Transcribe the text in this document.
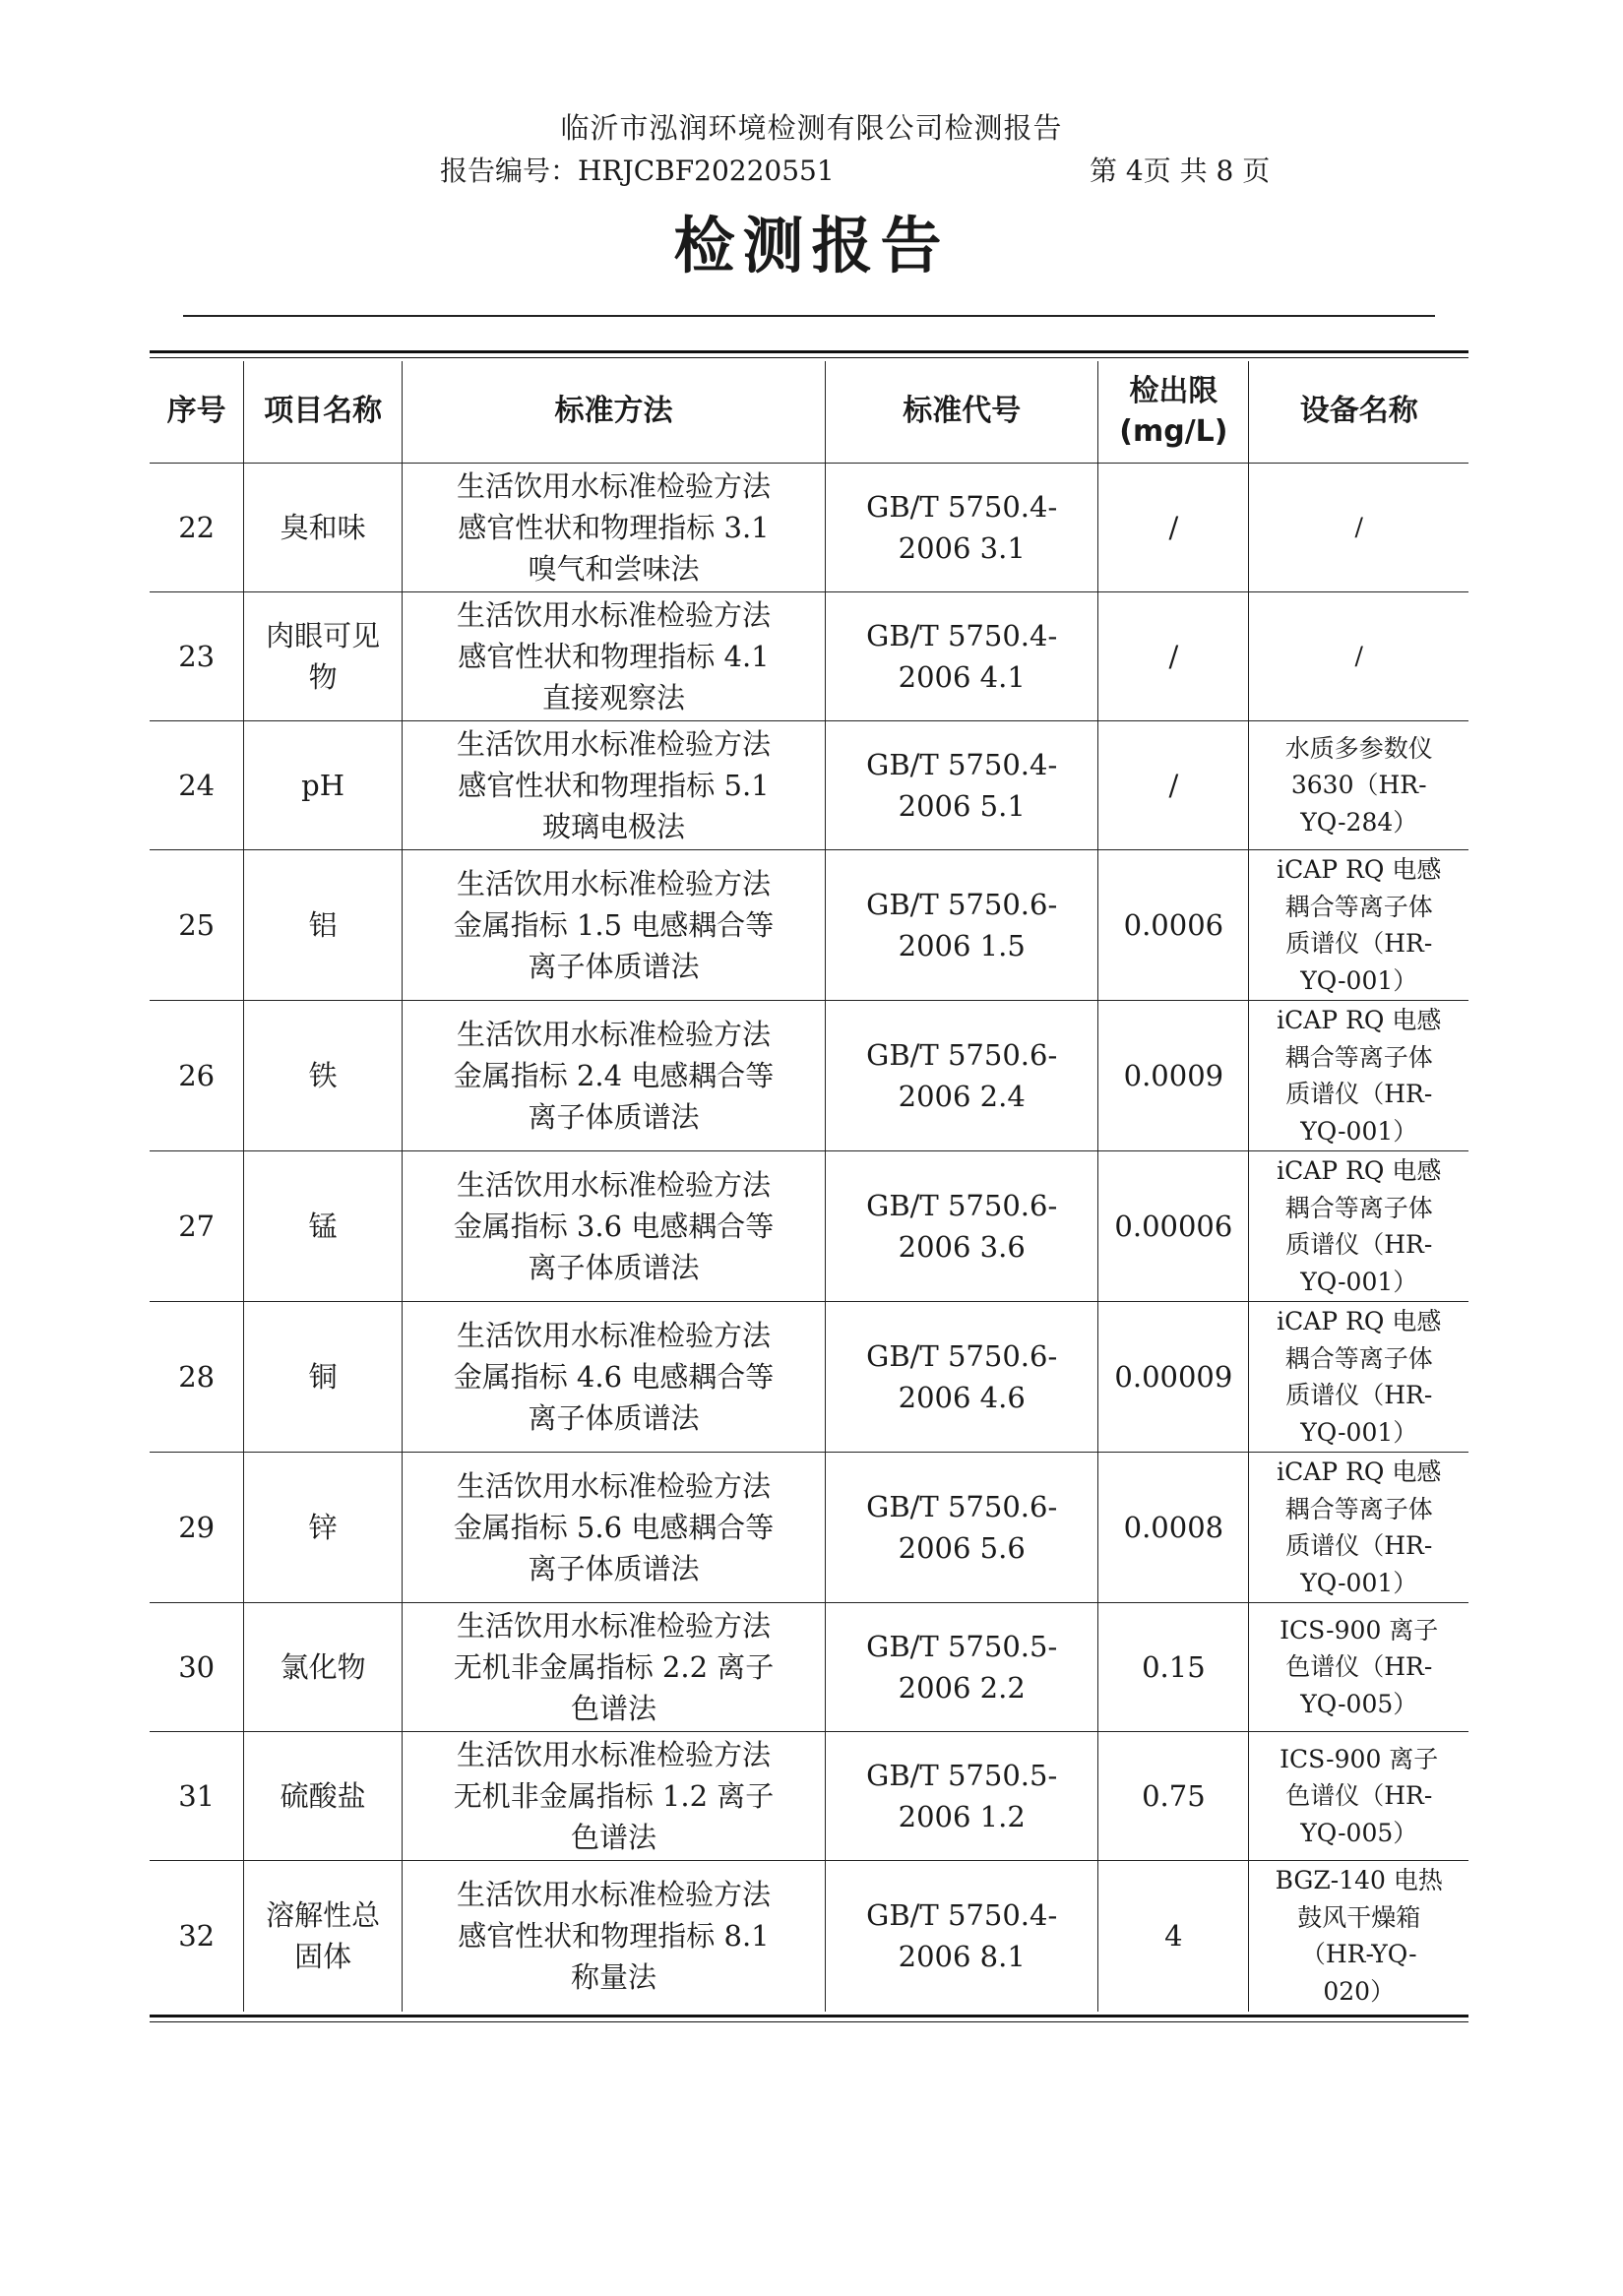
临沂市泓润环境检测有限公司检测报告
报告编号：HRJCBF20220551	第 4页 共 8 页
检测报告
序号	项目名称	标准方法	标准代号	检出限
(mg/L)	设备名称
22	臭和味	生活饮用水标准检验方法
感官性状和物理指标 3.1
嗅气和尝味法	GB/T 5750.4-
2006 3.1	/	/
23	肉眼可见
物	生活饮用水标准检验方法
感官性状和物理指标 4.1
直接观察法	GB/T 5750.4-
2006 4.1	/	/
24	pH	生活饮用水标准检验方法
感官性状和物理指标 5.1
玻璃电极法	GB/T 5750.4-
2006 5.1	/	水质多参数仪
3630（HR-
YQ-284）
25	铝	生活饮用水标准检验方法
金属指标 1.5 电感耦合等
离子体质谱法	GB/T 5750.6-
2006 1.5	0.0006	iCAP RQ 电感
耦合等离子体
质谱仪（HR-
YQ-001）
26	铁	生活饮用水标准检验方法
金属指标 2.4 电感耦合等
离子体质谱法	GB/T 5750.6-
2006 2.4	0.0009	iCAP RQ 电感
耦合等离子体
质谱仪（HR-
YQ-001）
27	锰	生活饮用水标准检验方法
金属指标 3.6 电感耦合等
离子体质谱法	GB/T 5750.6-
2006 3.6	0.00006	iCAP RQ 电感
耦合等离子体
质谱仪（HR-
YQ-001）
28	铜	生活饮用水标准检验方法
金属指标 4.6 电感耦合等
离子体质谱法	GB/T 5750.6-
2006 4.6	0.00009	iCAP RQ 电感
耦合等离子体
质谱仪（HR-
YQ-001）
29	锌	生活饮用水标准检验方法
金属指标 5.6 电感耦合等
离子体质谱法	GB/T 5750.6-
2006 5.6	0.0008	iCAP RQ 电感
耦合等离子体
质谱仪（HR-
YQ-001）
30	氯化物	生活饮用水标准检验方法
无机非金属指标 2.2 离子
色谱法	GB/T 5750.5-
2006 2.2	0.15	ICS-900 离子
色谱仪（HR-
YQ-005）
31	硫酸盐	生活饮用水标准检验方法
无机非金属指标 1.2 离子
色谱法	GB/T 5750.5-
2006 1.2	0.75	ICS-900 离子
色谱仪（HR-
YQ-005）
32	溶解性总
固体	生活饮用水标准检验方法
感官性状和物理指标 8.1
称量法	GB/T 5750.4-
2006 8.1	4	BGZ-140 电热
鼓风干燥箱
（HR-YQ-
020）
